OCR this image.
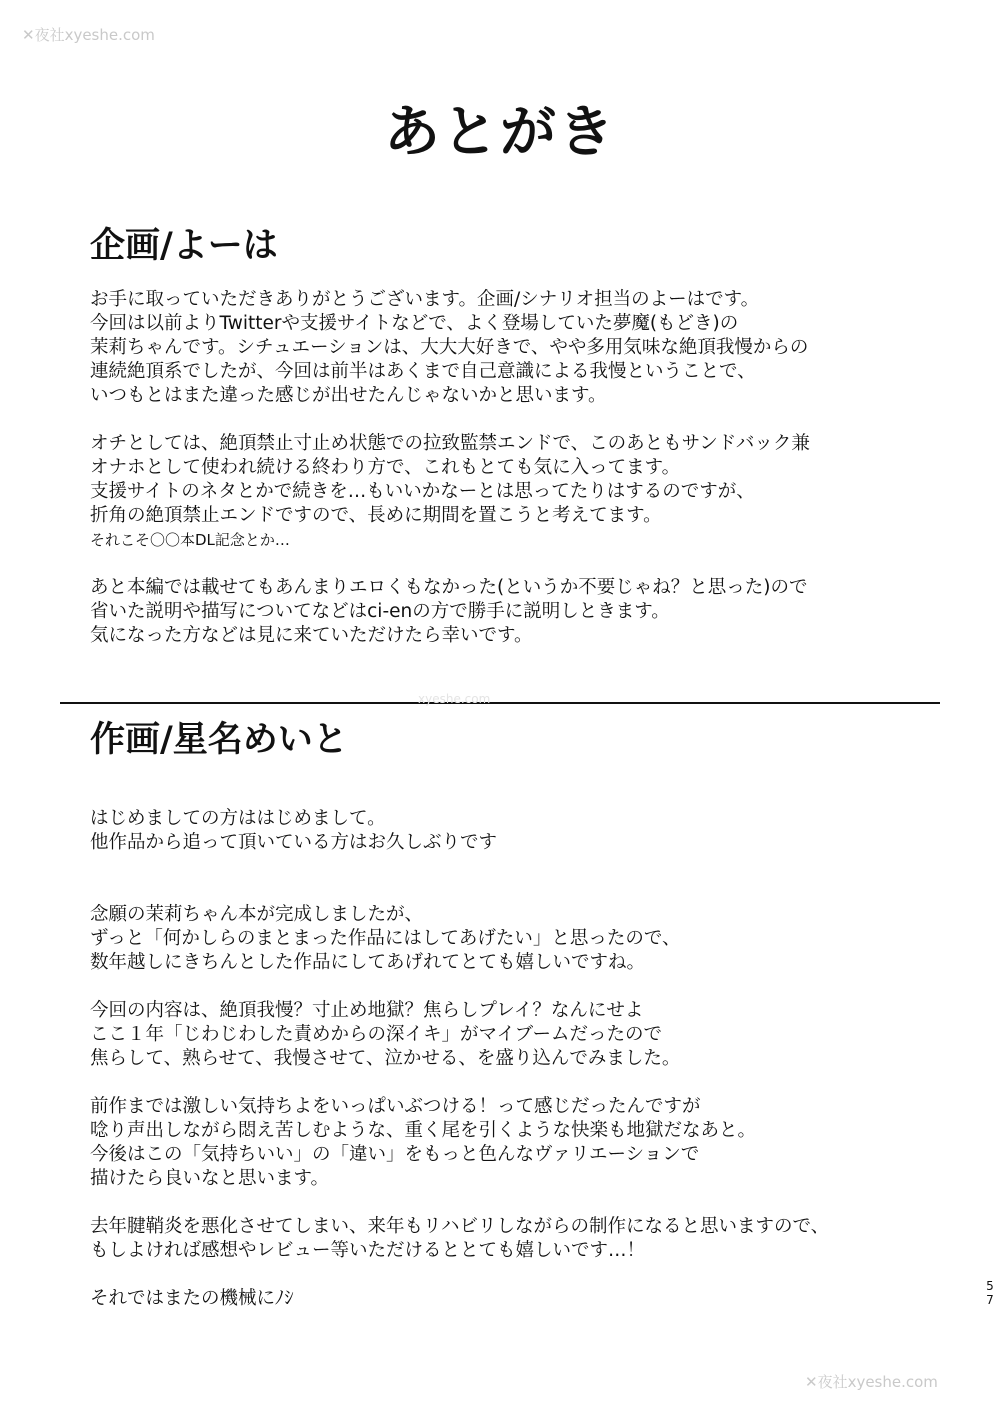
✕夜社xyeshe.com
あとがき
企画/よーは
お手に取っていただきありがとうございます。企画/シナリオ担当のよーはです。
今回は以前よりTwitterや支援サイトなどで、よく登場していた夢魔(もどき)の
茉莉ちゃんです。シチュエーションは、大大大好きで、やや多用気味な絶頂我慢からの
連続絶頂系でしたが、今回は前半はあくまで自己意識による我慢ということで、
いつもとはまた違った感じが出せたんじゃないかと思います。
オチとしては、絶頂禁止寸止め状態での拉致監禁エンドで、このあともサンドバック兼
オナホとして使われ続ける終わり方で、これもとても気に入ってます。
支援サイトのネタとかで続きを…もいいかなーとは思ってたりはするのですが、
折角の絶頂禁止エンドですので、長めに期間を置こうと考えてます。
それこそ〇〇本DL記念とか…
あと本編では載せてもあんまりエロくもなかった(というか不要じゃね？と思った)ので
省いた説明や描写についてなどはci-enの方で勝手に説明しときます。
気になった方などは見に来ていただけたら幸いです。
xyeshe.com
作画/星名めいと
はじめましての方ははじめまして。
他作品から追って頂いている方はお久しぶりです
念願の茉莉ちゃん本が完成しましたが、
ずっと「何かしらのまとまった作品にはしてあげたい」と思ったので、
数年越しにきちんとした作品にしてあげれてとても嬉しいですね。
今回の内容は、絶頂我慢？寸止め地獄？焦らしプレイ？なんにせよ
ここ１年「じわじわした責めからの深イキ」がマイブームだったので
焦らして、熟らせて、我慢させて、泣かせる、を盛り込んでみました。
前作までは激しい気持ちよをいっぱいぶつける！って感じだったんですが
唸り声出しながら悶え苦しむような、重く尾を引くような快楽も地獄だなあと。
今後はこの「気持ちいい」の「違い」をもっと色んなヴァリエーションで
描けたら良いなと思います。
去年腱鞘炎を悪化させてしまい、来年もリハビリしながらの制作になると思いますので、
もしよければ感想やレビュー等いただけるととても嬉しいです…！
それではまたの機械にﾉｼ
5
7
✕夜社xyeshe.com
